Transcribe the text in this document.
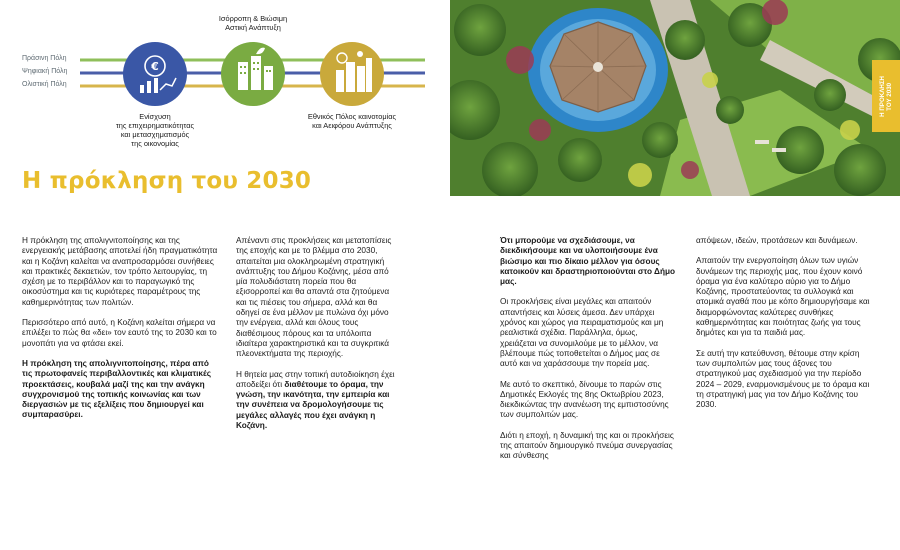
€
Πράσινη Πόλη
Ψηφιακή Πόλη
Ολιστική Πόλη
Ισόρροπη & Βιώσιμη
Αστική Ανάπτυξη
Ενίσχυση
της επιχειρηματικότητας
και μετασχηματισμός
της οικονομίας
Εθνικός Πόλος καινοτομίας
και Αειφόρου Ανάπτυξης
Η πρόκληση του 2030

Η πρόκληση της απολιγνιτοποίησης και της ενεργειακής μετάβασης αποτελεί ήδη πραγματικότητα και η Κοζάνη καλείται να αναπροσαρμόσει συνήθειες και πρακτικές δεκαετιών, τον τρόπο λειτουργίας, τη σχέση με το περιβάλλον και το παραγωγικό της οικοσύστημα και τις κυριότερες παραμέτρους της καθημερινότητας των πολιτών.

Περισσότερο από αυτό, η Κοζάνη καλείται σήμερα να επιλέξει το πώς θα «δει» τον εαυτό της το 2030 και το μονοπάτι για να φτάσει εκεί.

Η πρόκληση της απολιγνιτοποίησης, πέρα από τις πρωτοφανείς περιβαλλοντικές και κλιματικές προεκτάσεις, κουβαλά μαζί της και την ανάγκη συγχρονισμού της τοπικής κοινωνίας και των διεργασιών με τις εξελίξεις που δημιουργεί και συμπαρασύρει.

Απέναντι στις προκλήσεις και μετατοπίσεις της εποχής και με το βλέμμα στο 2030, απαιτείται μια ολοκληρωμένη στρατηγική ανάπτυξης του Δήμου Κοζάνης, μέσα από μία πολυδιάστατη πορεία που θα εξισορροπεί και θα απαντά στα ζητούμενα και τις πιέσεις του σήμερα, αλλά και θα οδηγεί σε ένα μέλλον με πυλώνα όχι μόνο την ενέργεια, αλλά και όλους τους διαθέσιμους πόρους και τα υπόλοιπα ιδιαίτερα χαρακτηριστικά και τα συγκριτικά πλεονεκτήματα της περιοχής.

Η θητεία μας στην τοπική αυτοδιοίκηση έχει αποδείξει ότι διαθέτουμε το όραμα, την γνώση, την ικανότητα, την εμπειρία και την συνέπεια να δρομολογήσουμε τις μεγάλες αλλαγές που έχει ανάγκη η Κοζάνη.

Η ΠΡΟΚΛΗΣΗ
ΤΟΥ 2030

Ότι μπορούμε να σχεδιάσουμε, να διεκδικήσουμε και να υλοποιήσουμε ένα βιώσιμο και πιο δίκαιο μέλλον για όσους κατοικούν και δραστηριοποιούνται στο Δήμο μας.

Οι προκλήσεις είναι μεγάλες και απαιτούν απαντήσεις και λύσεις άμεσα. Δεν υπάρχει χρόνος και χώρος για πειραματισμούς και μη ρεαλιστικά σχέδια. Παράλληλα, όμως, χρειάζεται να συνομιλούμε με το μέλλον, να βλέπουμε πώς τοποθετείται ο Δήμος μας σε αυτό και να χαράσσουμε την πορεία μας.

Με αυτό το σκεπτικό, δίνουμε το παρών στις Δημοτικές Εκλογές της 8ης Οκτωβρίου 2023, διεκδικώντας την ανανέωση της εμπιστοσύνης των συμπολιτών μας.

Διότι η εποχή, η δυναμική της και οι προκλήσεις της απαιτούν δημιουργικό πνεύμα συνεργασίας και σύνθεσης

απόψεων, ιδεών, προτάσεων και δυνάμεων.

Απαιτούν την ενεργοποίηση όλων των υγιών δυνάμεων της περιοχής μας, που έχουν κοινό όραμα για ένα καλύτερο αύριο για το Δήμο Κοζάνης, προστατεύοντας τα συλλογικά και ατομικά αγαθά που με κόπο δημιουργήσαμε και διαμορφώνοντας καλύτερες συνθήκες καθημερινότητας και ποιότητας ζωής για τους δημότες και για τα παιδιά μας.

Σε αυτή την κατεύθυνση, θέτουμε στην κρίση των συμπολιτών μας τους άξονες του στρατηγικού μας σχεδιασμού για την περίοδο 2024 – 2029, εναρμονισμένους με το όραμα και τη στρατηγική μας για τον Δήμο Κοζάνης του 2030.
